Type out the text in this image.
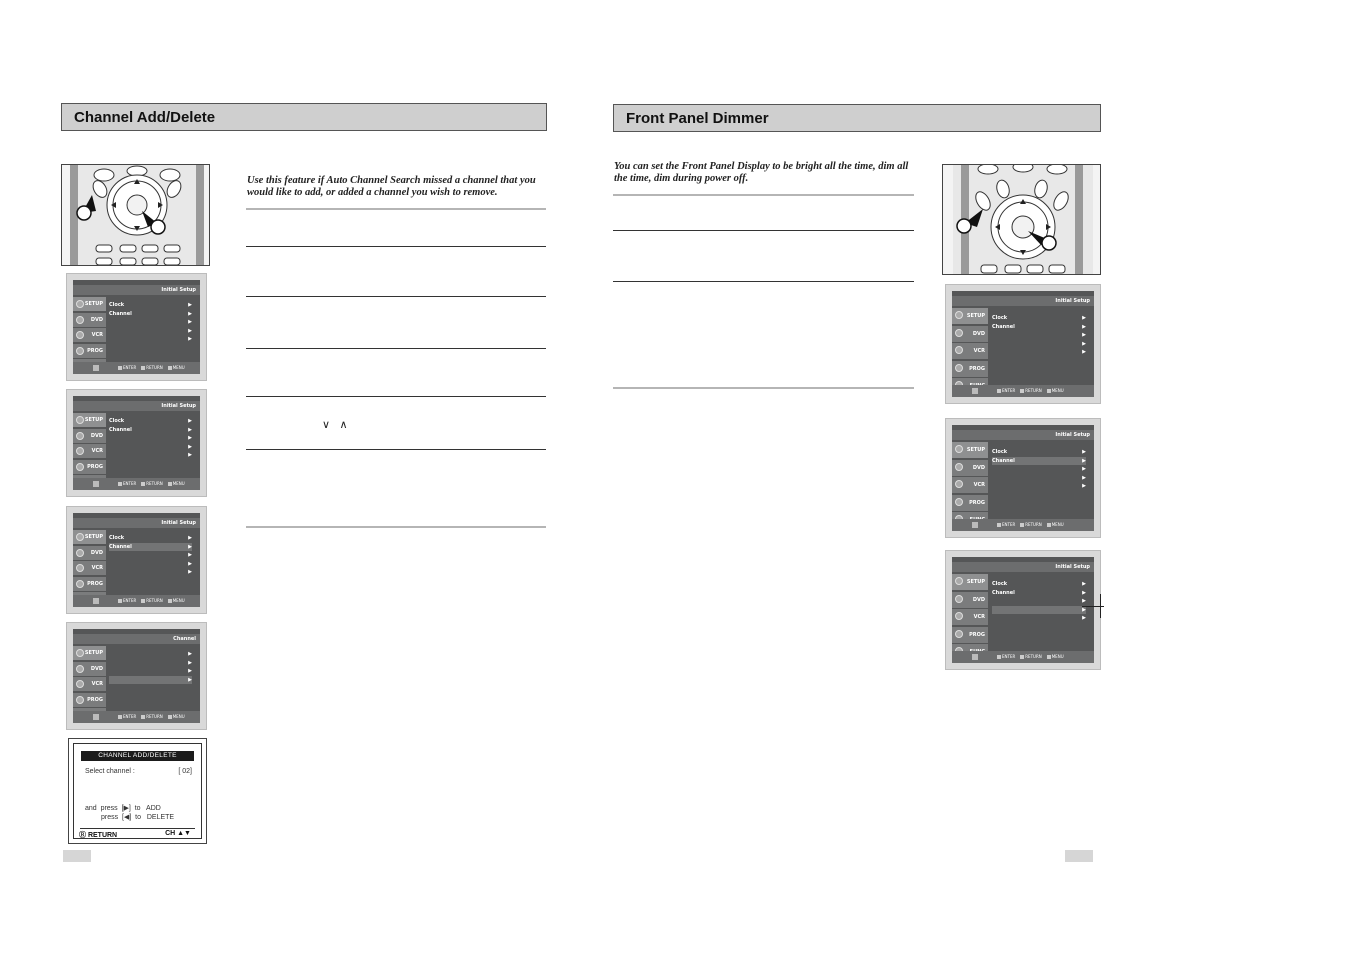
Channel Add/Delete
Use this feature if Auto Channel Search missed a channel that you would like to add, or added a channel you wish to remove.
∨ ∧
Initial Setup
SETUP
DVD
VCR
PROG
Clock	▶
Channel	▶
▶
▶
▶
ENTER	RETURN	MENU
Initial Setup
SETUP
DVD
VCR
PROG
Clock	▶
Channel	▶
▶
▶
▶
ENTER	RETURN	MENU
Initial Setup
SETUP
DVD
VCR
PROG
Clock	▶
Channel	▶
▶
▶
▶
ENTER	RETURN	MENU
Channel
SETUP
DVD
VCR
PROG
▶
▶
▶
▶
ENTER	RETURN	MENU
CHANNEL ADD/DELETE
Select channel :	[ 02]
and  press  [▶]  to   ADD
press  [◀]  to   DELETE
Ⓡ RETURN	CH ▲▼
Front Panel Dimmer
You can set the Front Panel Display to be bright all the time, dim all the time, dim during power off.
Initial Setup
SETUP
DVD
VCR
PROG
Clock	▶
Channel	▶
▶
▶
▶
ENTER	RETURN	MENU
Initial Setup
SETUP
DVD
VCR
PROG
Clock	▶
Channel	▶
▶
▶
▶
ENTER	RETURN	MENU
Initial Setup
SETUP
DVD
VCR
PROG
Clock	▶
Channel	▶
▶
▶
▶
ENTER	RETURN	MENU
